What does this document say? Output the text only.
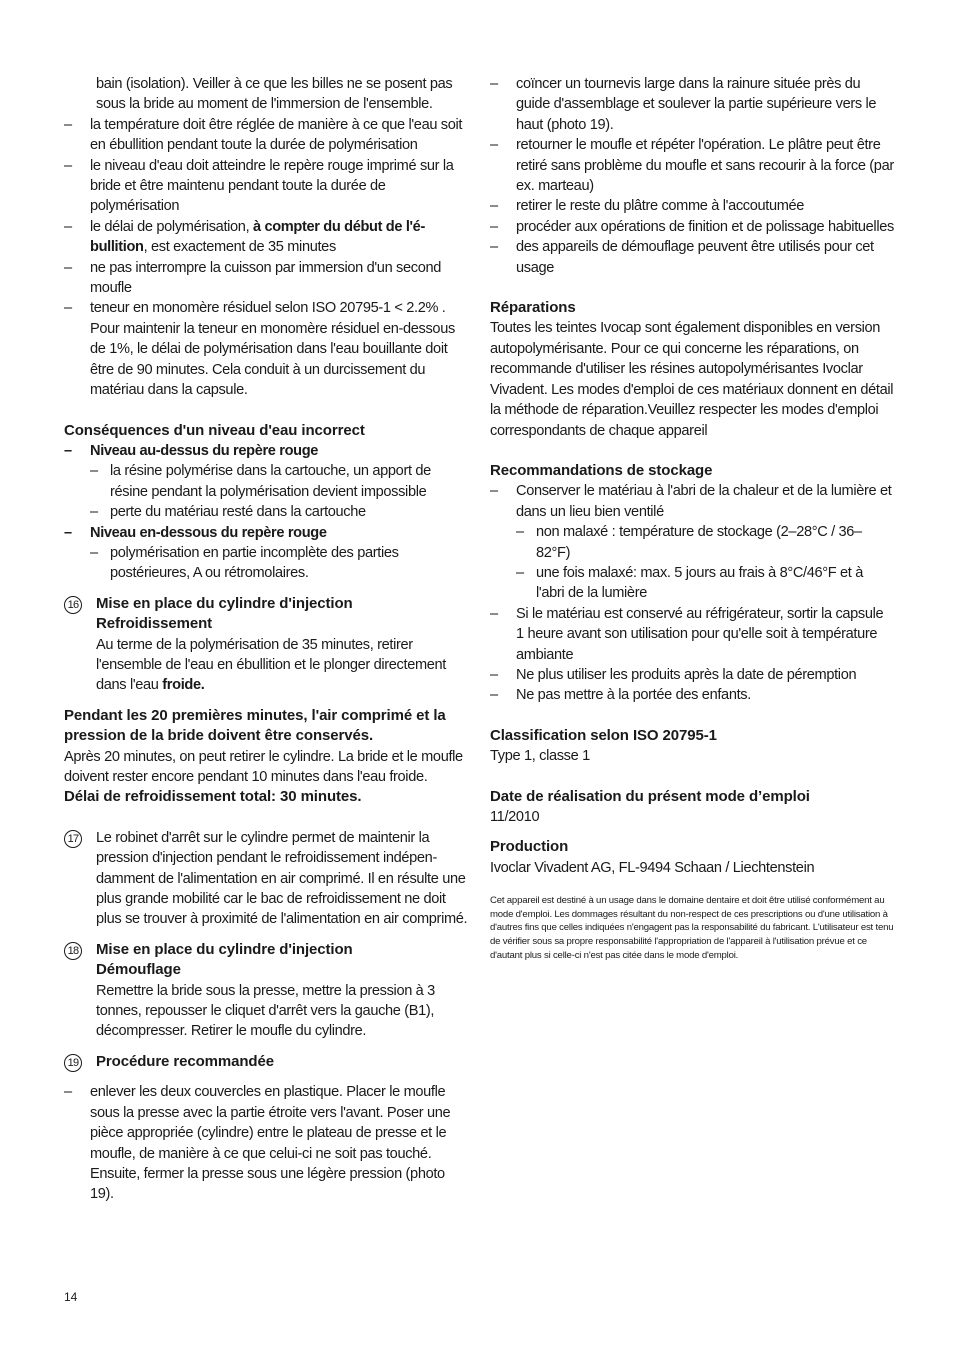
bain (isolation). Veiller à ce que les billes ne se posent pas sous la bride au moment de l'immersion de l'ensemble.

– la température doit être réglée de manière à ce que l'eau soit en ébullition pendant toute la durée de polymérisation

– le niveau d'eau doit atteindre le repère rouge imprimé sur la bride et être maintenu pendant toute la durée de polymérisation

– le délai de polymérisation, à compter du début de l'ébullition, est exactement de 35 minutes

– ne pas interrompre la cuisson par immersion d'un second moufle

– teneur en monomère résiduel selon ISO 20795-1 < 2.2% . Pour maintenir la teneur en monomère résiduel en-dessous de 1%, le délai de polymérisation dans l'eau bouillante doit être de 90 minutes. Cela conduit à un durcissement du matériau dans la capsule.

Conséquences d'un niveau d'eau incorrect

– Niveau au-dessus du repère rouge

– la résine polymérise dans la cartouche, un apport de résine pendant la polymérisation devient impossible

– perte du matériau resté dans la cartouche

– Niveau en-dessous du repère rouge

– polymérisation en partie incomplète des parties postérieures, A ou rétromolaires.

16 Mise en place du cylindre d'injection

Refroidissement

Au terme de la polymérisation de 35 minutes, retirer l'ensemble de l'eau en ébullition et le plonger directement dans l'eau froide.

Pendant les 20 premières minutes, l'air comprimé et la pression de la bride doivent être conservés.

Après 20 minutes, on peut retirer le cylindre. La bride et le moufle doivent rester encore pendant 10 minutes dans l'eau froide.

Délai de refroidissement total: 30 minutes.

17 Le robinet d'arrêt sur le cylindre permet de maintenir la pression d'injection pendant le refroidissement indépendamment de l'alimentation en air comprimé. Il en résulte une plus grande mobilité car le bac de refroidissement ne doit plus se trouver à proximité de l'alimentation en air comprimé.

18 Mise en place du cylindre d'injection

Démouflage

Remettre la bride sous la presse, mettre la pression à 3 tonnes, repousser le cliquet d'arrêt vers la gauche (B1), décompresser. Retirer le moufle du cylindre.

19 Procédure recommandée

– enlever les deux couvercles en plastique. Placer le moufle sous la presse avec la partie étroite vers l'avant. Poser une pièce appropriée (cylindre) entre le plateau de presse et le moufle, de manière à ce que celui-ci ne soit pas touché. Ensuite, fermer la presse sous une légère pression (photo 19).

– coïncer un tournevis large dans la rainure située près du guide d'assemblage et soulever la partie supérieure vers le haut (photo 19).

– retourner le moufle et répéter l'opération. Le plâtre peut être retiré sans problème du moufle et sans recourir à la force (par ex. marteau)

– retirer le reste du plâtre comme à l'accoutumée

– procéder aux opérations de finition et de polissage habituelles

– des appareils de démouflage peuvent être utilisés pour cet usage

Réparations

Toutes les teintes Ivocap sont également disponibles en version autopolymérisante. Pour ce qui concerne les réparations, on recommande d'utiliser les résines autopolymérisantes Ivoclar Vivadent. Les modes d'emploi de ces matériaux donnent en détail la méthode de réparation.Veuillez respecter les modes d'emploi correspondants de chaque appareil

Recommandations de stockage

– Conserver le matériau à l'abri de la chaleur et de la lumière et dans un lieu bien ventilé

– non malaxé : température de stockage (2–28°C / 36–82°F)

– une fois malaxé: max. 5 jours au frais à 8°C/46°F et à l'abri de la lumière

– Si le matériau est conservé au réfrigérateur, sortir la capsule 1 heure avant son utilisation pour qu'elle soit à température ambiante

– Ne plus utiliser les produits après la date de péremption

– Ne pas mettre à la portée des enfants.

Classification selon ISO 20795-1

Type 1, classe 1

Date de réalisation du présent mode d’emploi

11/2010

Production

Ivoclar Vivadent AG, FL-9494 Schaan / Liechtenstein

Cet appareil est destiné à un usage dans le domaine dentaire et doit être utilisé conformément au mode d'emploi. Les dommages résultant du non-respect de ces prescriptions ou d'une utilisation à d'autres fins que celles indiquées n'engagent pas la responsabilité du fabricant. L'utilisateur est tenu de vérifier sous sa propre responsabilité l'appropriation de l'appareil à l'utilisation prévue et ce d'autant plus si celle-ci n'est pas citée dans le mode d'emploi.

14
